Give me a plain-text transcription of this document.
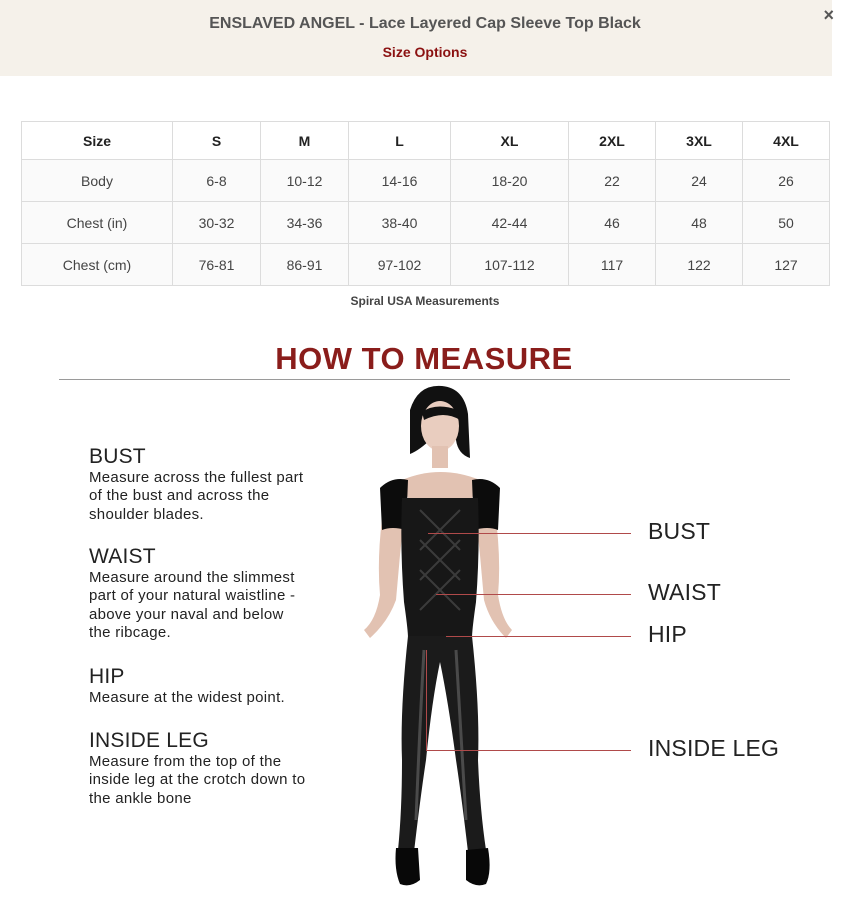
ENSLAVED ANGEL - Lace Layered Cap Sleeve Top Black
Size Options
×
Size	S	M	L	XL	2XL	3XL	4XL
Body	6-8	10-12	14-16	18-20	22	24	26
Chest (in)	30-32	34-36	38-40	42-44	46	48	50
Chest (cm)	76-81	86-91	97-102	107-112	117	122	127
Spiral USA Measurements
HOW TO MEASURE
BUST
Measure across the fullest part
of the bust and across the
shoulder blades.
WAIST
Measure around the slimmest
part of your natural waistline -
above your naval and below
the ribcage.
HIP
Measure at the widest point.
INSIDE LEG
Measure from the top of the
inside leg at the crotch down to
the ankle bone
BUST
WAIST
HIP
INSIDE LEG
